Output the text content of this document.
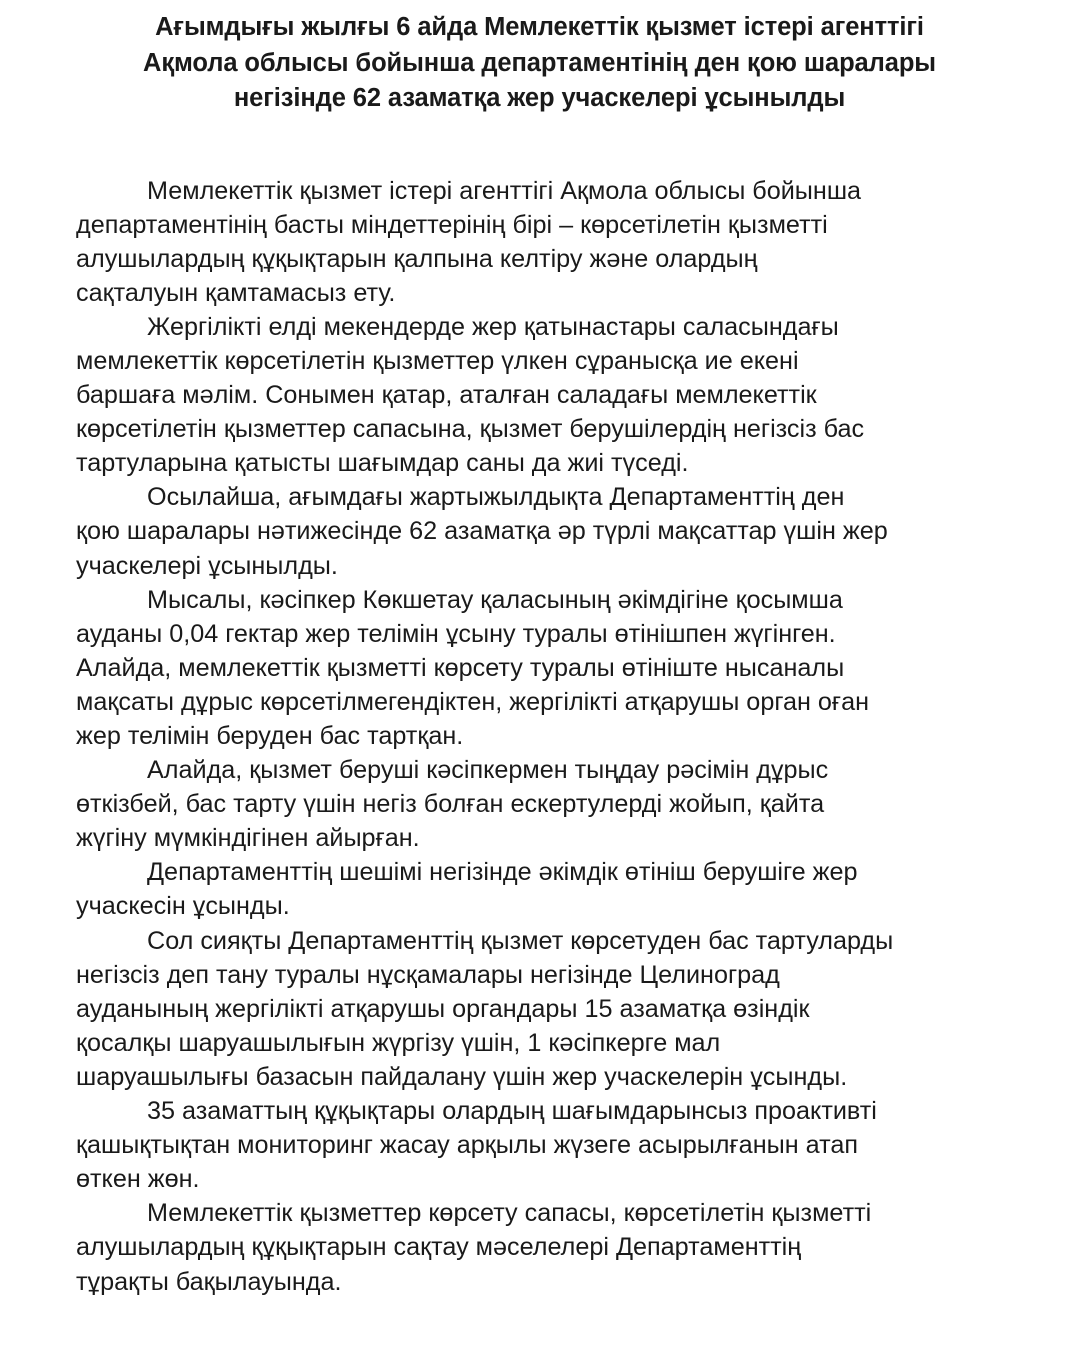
Ағымдығы жылғы 6 айда Мемлекеттік қызмет істері агенттігі
Ақмола облысы бойынша департаментінің ден қою шаралары
негізінде 62 азаматқа жер учаскелері ұсынылды

Мемлекеттік қызмет істері агенттігі Ақмола облысы бойынша
департаментінің басты міндеттерінің бірі – көрсетілетін қызметті
алушылардың құқықтарын қалпына келтіру және олардың
сақталуын қамтамасыз ету.

Жергілікті елді мекендерде жер қатынастары саласындағы
мемлекеттік көрсетілетін қызметтер үлкен сұранысқа ие екені
баршаға мәлім. Сонымен қатар, аталған саладағы мемлекеттік
көрсетілетін қызметтер сапасына, қызмет берушілердің негізсіз бас
тартуларына қатысты шағымдар саны да жиі түседі.

Осылайша, ағымдағы жартыжылдықта Департаменттің ден
қою шаралары нәтижесінде 62 азаматқа әр түрлі мақсаттар үшін жер
учаскелері ұсынылды.

Мысалы, кәсіпкер Көкшетау қаласының әкімдігіне қосымша
ауданы 0,04 гектар жер телімін ұсыну туралы өтінішпен жүгінген.
Алайда, мемлекеттік қызметті көрсету туралы өтініште нысаналы
мақсаты дұрыс көрсетілмегендіктен, жергілікті атқарушы орган оған
жер телімін беруден бас тартқан.

Алайда, қызмет беруші кәсіпкермен тыңдау рәсімін дұрыс
өткізбей, бас тарту үшін негіз болған ескертулерді жойып, қайта
жүгіну мүмкіндігінен айырған.

Департаменттің шешімі негізінде әкімдік өтініш берушіге жер
учаскесін ұсынды.

Сол сияқты Департаменттің қызмет көрсетуден бас тартуларды
негізсіз деп тану туралы нұсқамалары негізінде Целиноград
ауданының жергілікті атқарушы органдары 15 азаматқа өзіндік
қосалқы шаруашылығын жүргізу үшін, 1 кәсіпкерге мал
шаруашылығы базасын пайдалану үшін жер учаскелерін ұсынды.

35 азаматтың құқықтары олардың шағымдарынсыз проактивті
қашықтықтан мониторинг жасау арқылы жүзеге асырылғанын атап
өткен жөн.

Мемлекеттік қызметтер көрсету сапасы, көрсетілетін қызметті
алушылардың құқықтарын сақтау мәселелері Департаменттің
тұрақты бақылауында.
